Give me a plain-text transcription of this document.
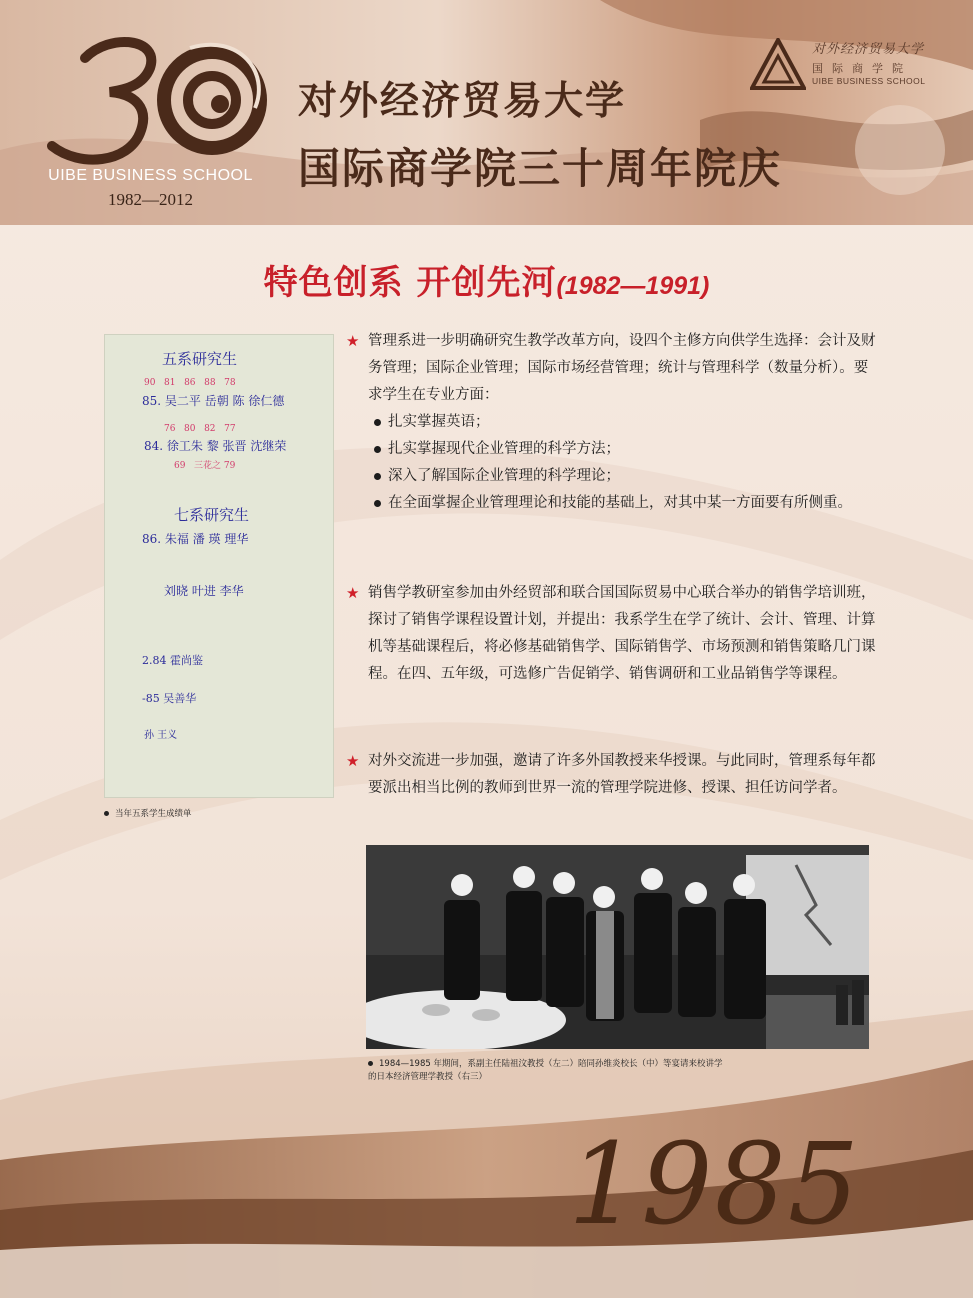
UIBE BUSINESS SCHOOL
1982—2012
对外经济贸易大学
国际商学院三十周年院庆
对外经济贸易大学
国际商学院
UIBE BUSINESS SCHOOL
特色创系 开创先河(1982—1991)
五系研究生
90   81   86   88   78
85. 吴二平 岳朝 陈 徐仁德
76   80   82   77
84. 徐工朱 黎 张晋 沈继荣
69   三花之 79
七系研究生
86. 朱福 潘 瑛 理华
刘晓 叶进 李华
2.84 霍尚鉴
-85 吴善华
孙 王义
当年五系学生成绩单
★ 管理系进一步明确研究生教学改革方向，设四个主修方向供学生选择：会计及财务管理；国际企业管理；国际市场经营管理；统计与管理科学（数量分析）。要求学生在专业方面：
扎实掌握英语；
扎实掌握现代企业管理的科学方法；
深入了解国际企业管理的科学理论；
在全面掌握企业管理理论和技能的基础上，对其中某一方面要有所侧重。
★ 销售学教研室参加由外经贸部和联合国国际贸易中心联合举办的销售学培训班，探讨了销售学课程设置计划，并提出：我系学生在学了统计、会计、管理、计算机等基础课程后，将必修基础销售学、国际销售学、市场预测和销售策略几门课程。在四、五年级，可选修广告促销学、销售调研和工业品销售学等课程。
★ 对外交流进一步加强，邀请了许多外国教授来华授课。与此同时，管理系每年都要派出相当比例的教师到世界一流的管理学院进修、授课、担任访问学者。
1984—1985 年期间，系副主任陆祖汶教授（左二）陪同孙维炎校长（中）等宴请来校讲学
的日本经济管理学教授（右三）
1985
